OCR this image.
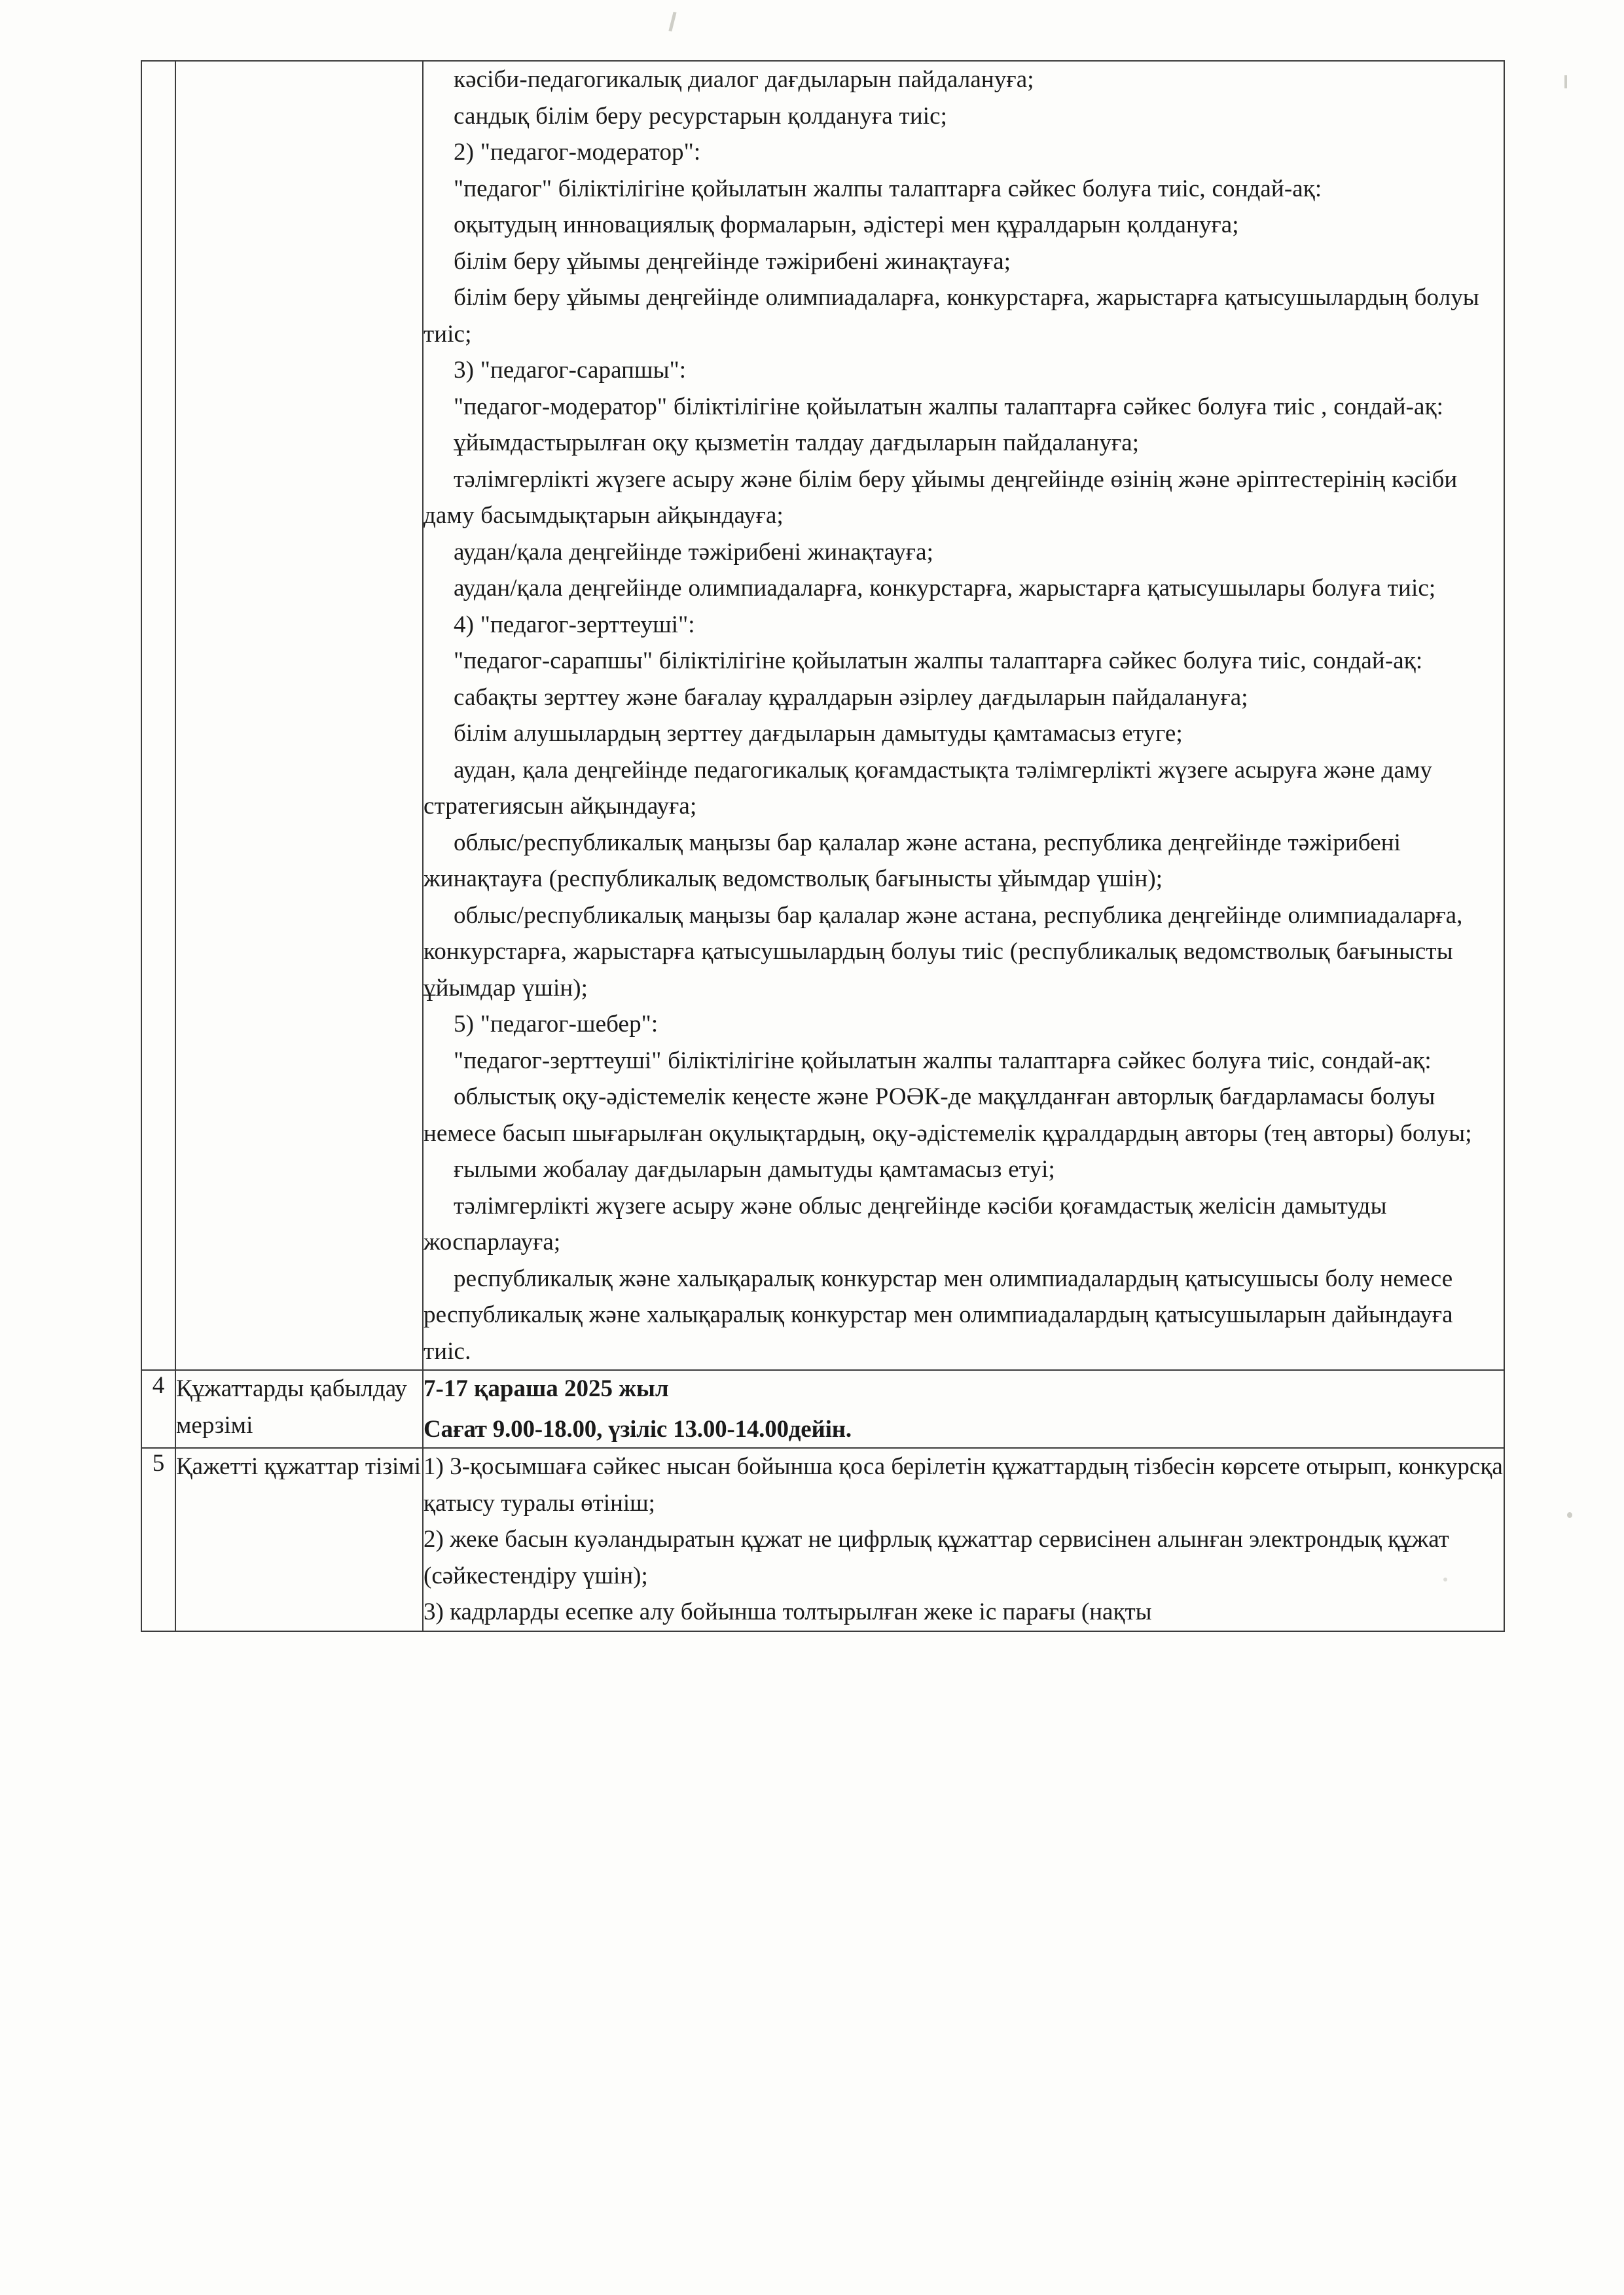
кәсіби-педагогикалық диалог дағдыларын пайдалануға;

сандық білім беру ресурстарын қолдануға тиіс;

2) "педагог-модератор":

"педагог" біліктілігіне қойылатын жалпы талаптарға сәйкес болуға тиіс, сондай-ақ:

оқытудың инновациялық формаларын, әдістері мен құралдарын қолдануға;

білім беру ұйымы деңгейінде тәжірибені жинақтауға;

білім беру ұйымы деңгейінде олимпиадаларға, конкурстарға, жарыстарға қатысушылардың болуы тиіс;

3) "педагог-сарапшы":

"педагог-модератор" біліктілігіне қойылатын жалпы талаптарға сәйкес болуға тиіс , сондай-ақ:

ұйымдастырылған оқу қызметін талдау дағдыларын пайдалануға;

тәлімгерлікті жүзеге асыру және білім беру ұйымы деңгейінде өзінің және әріптестерінің кәсіби даму басымдықтарын айқындауға;

аудан/қала деңгейінде тәжірибені жинақтауға;

аудан/қала деңгейінде олимпиадаларға, конкурстарға, жарыстарға қатысушылары болуға тиіс;

4) "педагог-зерттеуші":

"педагог-сарапшы" біліктілігіне қойылатын жалпы талаптарға сәйкес болуға тиіс, сондай-ақ:

сабақты зерттеу және бағалау құралдарын әзірлеу дағдыларын пайдалануға;

білім алушылардың зерттеу дағдыларын дамытуды қамтамасыз етуге;

аудан, қала деңгейінде педагогикалық қоғамдастықта тәлімгерлікті жүзеге асыруға және даму стратегиясын айқындауға;

облыс/республикалық маңызы бар қалалар және астана, республика деңгейінде тәжірибені жинақтауға (республикалық ведомстволық бағынысты ұйымдар үшін);

облыс/республикалық маңызы бар қалалар және астана, республика деңгейінде олимпиадаларға, конкурстарға, жарыстарға қатысушылардың болуы тиіс (республикалық ведомстволық бағынысты ұйымдар үшін);

5) "педагог-шебер":

"педагог-зерттеуші" біліктілігіне қойылатын жалпы талаптарға сәйкес болуға тиіс, сондай-ақ:

облыстық оқу-әдістемелік кеңесте және РОӘК-де мақұлданған авторлық бағдарламасы болуы немесе басып шығарылған оқулықтардың, оқу-әдістемелік құралдардың авторы (тең авторы) болуы;

ғылыми жобалау дағдыларын дамытуды қамтамасыз етуі;

тәлімгерлікті жүзеге асыру және облыс деңгейінде кәсіби қоғамдастық желісін дамытуды жоспарлауға;

республикалық және халықаралық конкурстар мен олимпиадалардың қатысушысы болу немесе республикалық және халықаралық конкурстар мен олимпиадалардың қатысушыларын дайындауға тиіс.

4	Құжаттарды қабылдау мерзімі	7-17 қараша 2025 жыл

Сағат 9.00-18.00, үзіліс 13.00-14.00дейін.

5	Қажетті құжаттар тізімі	1) 3-қосымшаға сәйкес нысан бойынша қоса берілетін құжаттардың тізбесін көрсете отырып, конкурсқа қатысу туралы өтініш;

2) жеке басын куәландыратын құжат не цифрлық құжаттар сервисінен алынған электрондық құжат (сәйкестендіру үшін);

3) кадрларды есепке алу бойынша толтырылған жеке іс парағы (нақты
